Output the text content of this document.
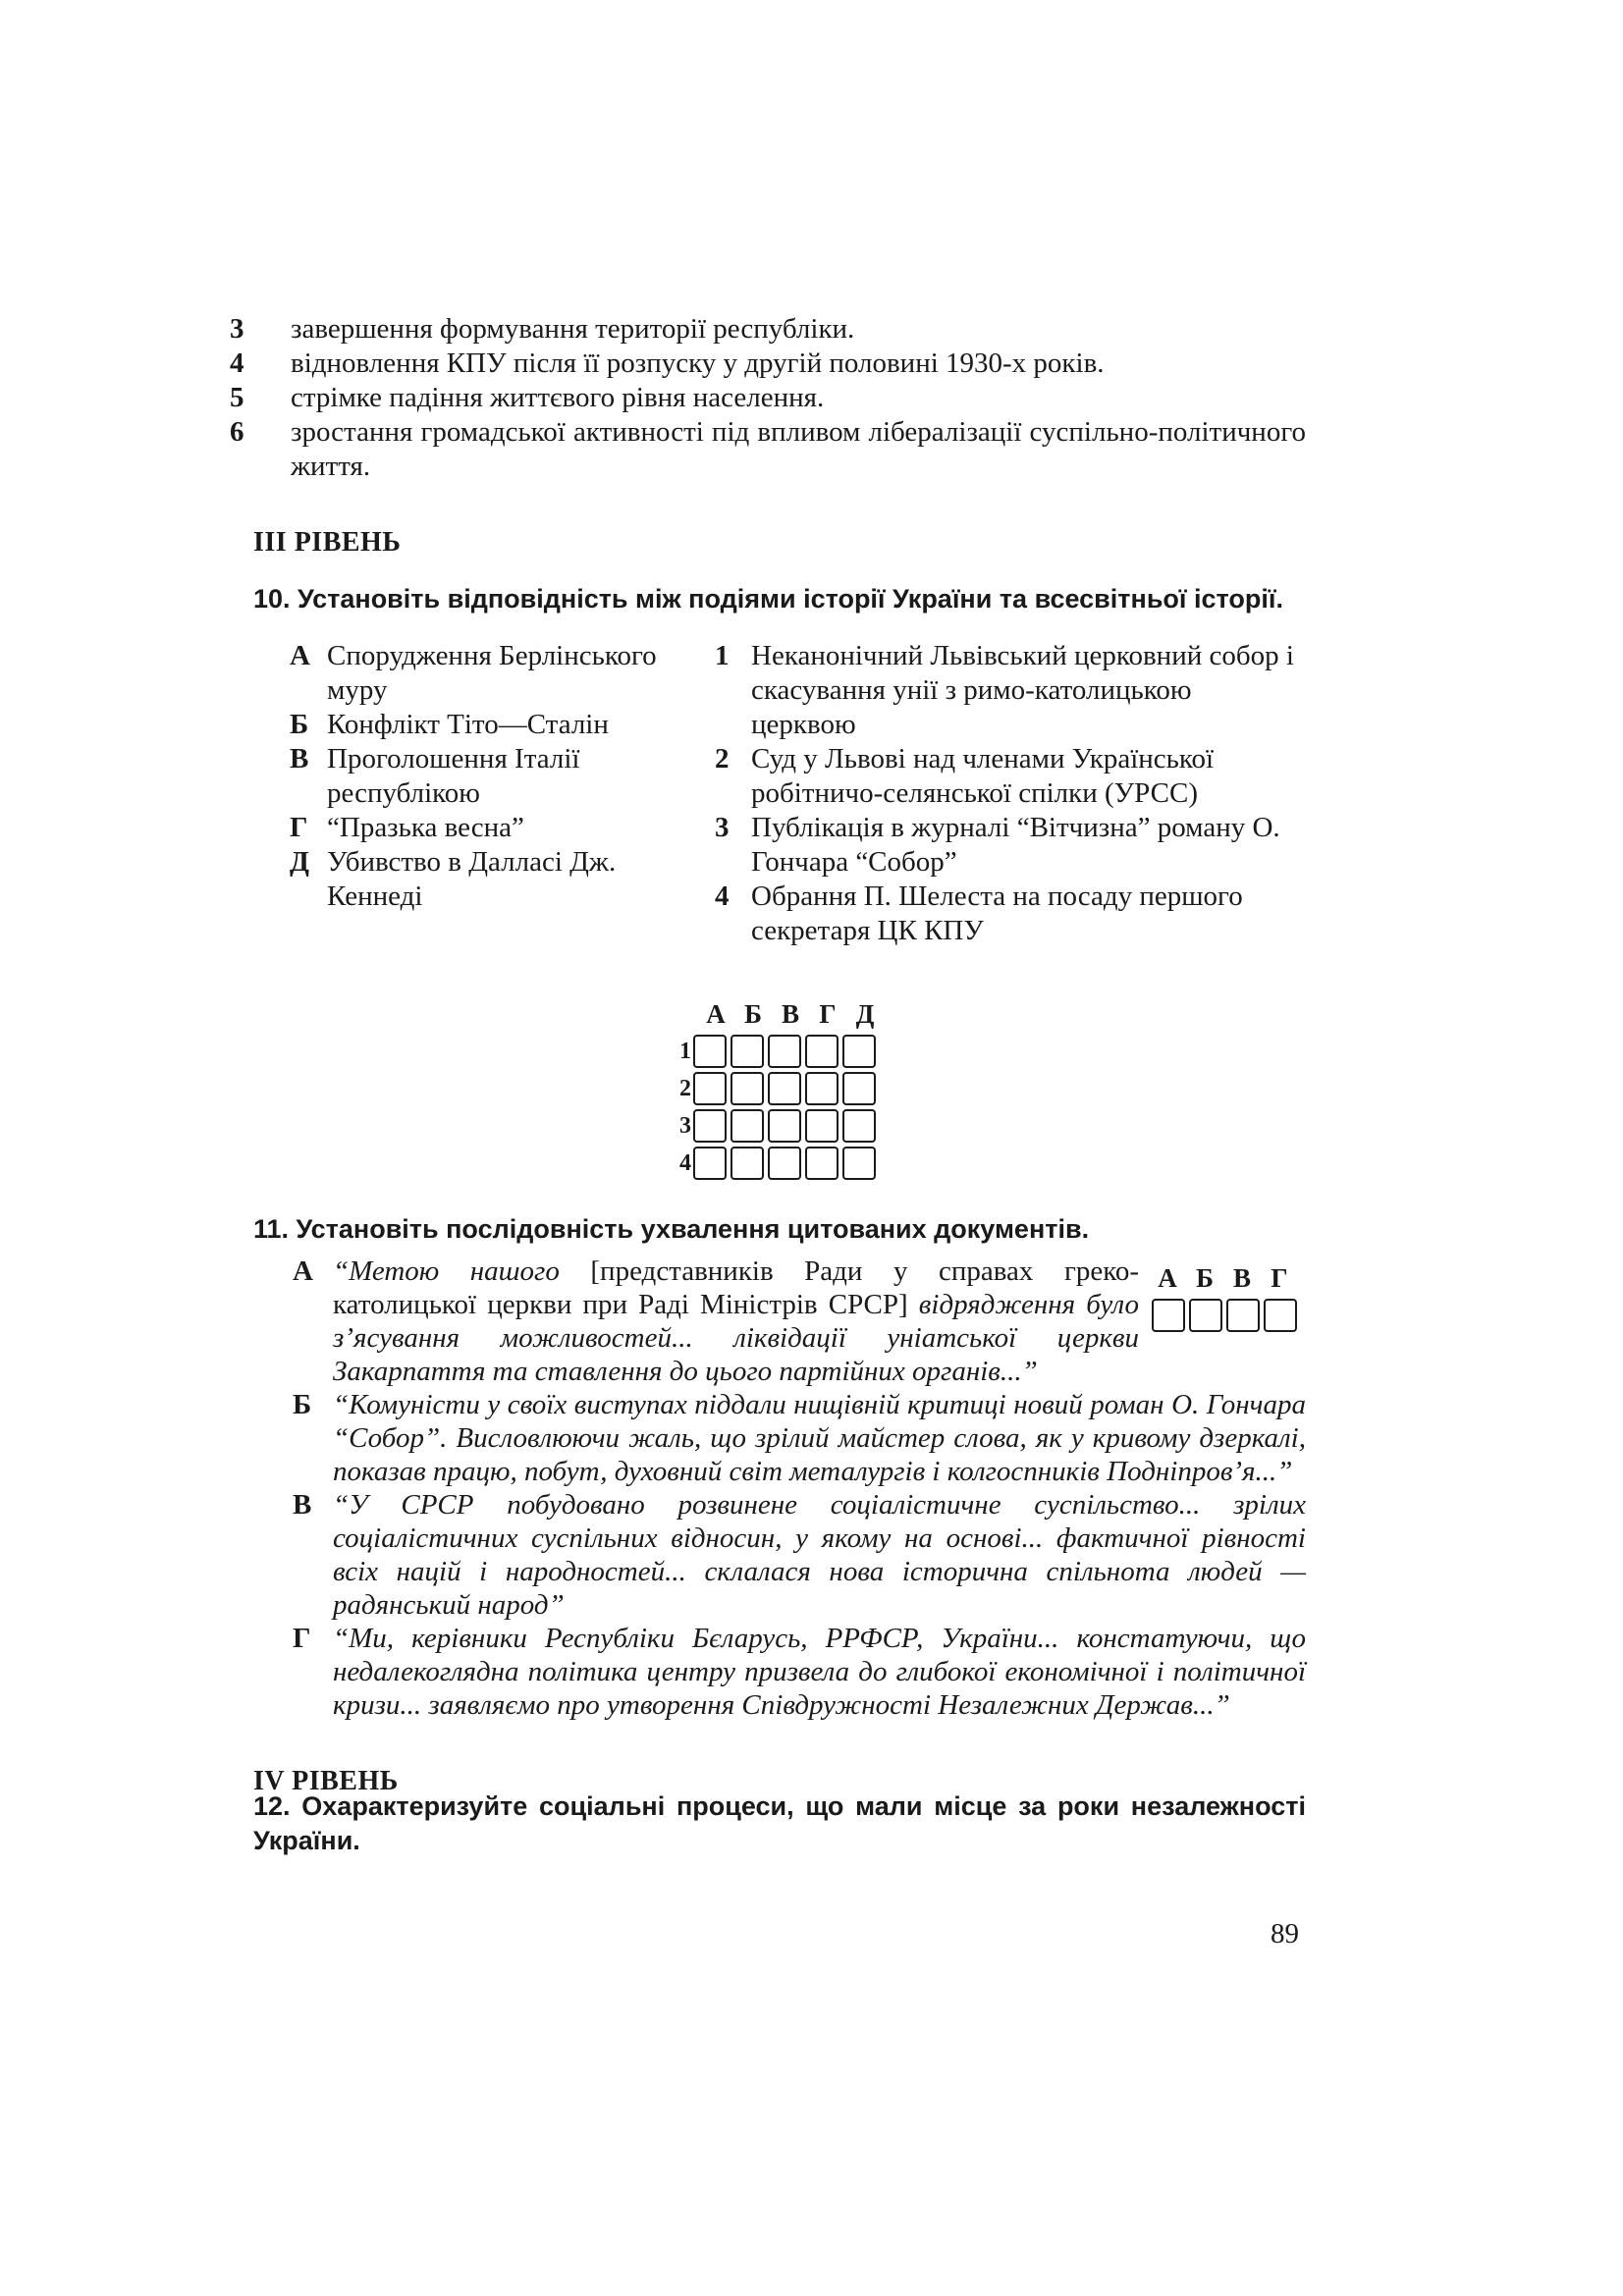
3	завершення формування території республіки.
4	відновлення КПУ після її розпуску у другій половині 1930-х років.
5	стрімке падіння життєвого рівня населення.
6	зростання громадської активності під впливом лібералізації суспільно-політичного життя.
ІІІ РІВЕНЬ
10. Установіть відповідність між подіями історії України та всесвітньої історії.
А Спорудження Берлінського муру
Б Конфлікт Тіто—Сталін
В Проголошення Італії республікою
Г “Празька весна”
Д Убивство в Далласі Дж. Кеннеді
1 Неканонічний Львівський церковний собор і скасування унії з римо-католицькою церквою
2 Суд у Львові над членами Української робітничо-селянської спілки (УРСС)
3 Публікація в журналі “Вітчизна” роману О. Гончара “Собор”
4 Обрання П. Шелеста на посаду першого секретаря ЦК КПУ
А Б В Г Д
1
2
3
4
11. Установіть послідовність ухвалення цитованих документів.
А “Метою нашого [представників Ради у справах греко-католицької церкви при Раді Міністрів СРСР] відрядження було з’ясування можливостей... ліквідації уніатської церкви Закарпаття та ставлення до цього партійних органів...”
Б “Комуністи у своїх виступах піддали нищівній критиці новий роман О. Гончара “Собор”. Висловлюючи жаль, що зрілий майстер слова, як у кривому дзеркалі, показав працю, побут, духовний світ металургів і колгоспників Подніпров’я...”
В “У СРСР побудовано розвинене соціалістичне суспільство... зрілих соціалістичних суспільних відносин, у якому на основі... фактичної рівності всіх націй і народностей... склалася нова історична спільнота людей — радянський народ”
Г “Ми, керівники Республіки Бєларусь, РРФСР, України... констатуючи, що недалекоглядна політика центру призвела до глибокої економічної і політичної кризи... заявляємо про утворення Співдружності Незалежних Держав...”
ІV РІВЕНЬ
А Б В Г
12. Охарактеризуйте соціальні процеси, що мали місце за роки незалежності України.
89
